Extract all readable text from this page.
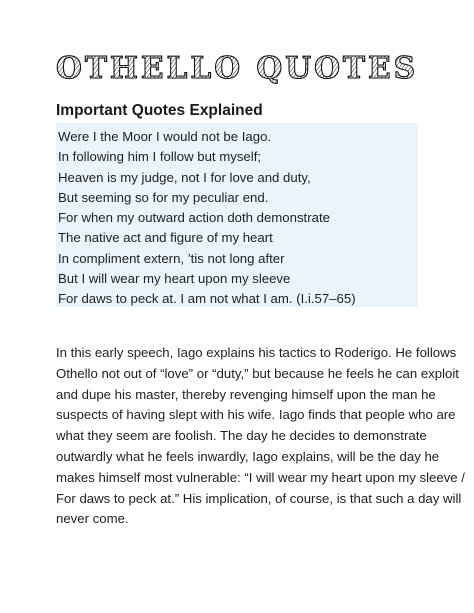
OTHELLO QUOTES
Important Quotes Explained
Were I the Moor I would not be Iago.
In following him I follow but myself;
Heaven is my judge, not I for love and duty,
But seeming so for my peculiar end.
For when my outward action doth demonstrate
The native act and figure of my heart
In compliment extern, ’tis not long after
But I will wear my heart upon my sleeve
For daws to peck at. I am not what I am. (I.i.57–65)
In this early speech, Iago explains his tactics to Roderigo. He follows
Othello not out of “love” or “duty,” but because he feels he can exploit
and dupe his master, thereby revenging himself upon the man he
suspects of having slept with his wife. Iago finds that people who are
what they seem are foolish. The day he decides to demonstrate
outwardly what he feels inwardly, Iago explains, will be the day he
makes himself most vulnerable: “I will wear my heart upon my sleeve /
For daws to peck at.” His implication, of course, is that such a day will
never come.
